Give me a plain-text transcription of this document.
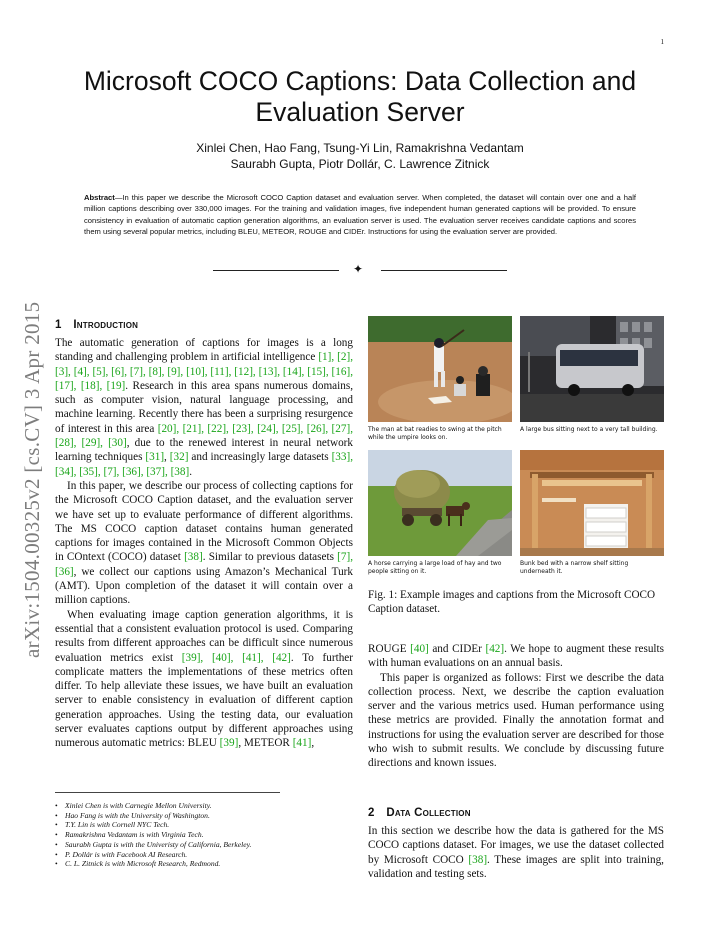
1
arXiv:1504.00325v2 [cs.CV] 3 Apr 2015
Microsoft COCO Captions: Data Collection and Evaluation Server
Xinlei Chen, Hao Fang, Tsung-Yi Lin, Ramakrishna Vedantam
Saurabh Gupta, Piotr Dollár, C. Lawrence Zitnick
Abstract—In this paper we describe the Microsoft COCO Caption dataset and evaluation server. When completed, the dataset will contain over one and a half million captions describing over 330,000 images. For the training and validation images, five independent human generated captions will be provided. To ensure consistency in evaluation of automatic caption generation algorithms, an evaluation server is used. The evaluation server receives candidate captions and scores them using several popular metrics, including BLEU, METEOR, ROUGE and CIDEr. Instructions for using the evaluation server are provided.
✦
1 Introduction

The automatic generation of captions for images is a long standing and challenging problem in artificial intelligence [1], [2], [3], [4], [5], [6], [7], [8], [9], [10], [11], [12], [13], [14], [15], [16], [17], [18], [19]. Research in this area spans numerous domains, such as computer vision, natural language processing, and machine learning. Recently there has been a surprising resurgence of interest in this area [20], [21], [22], [23], [24], [25], [26], [27], [28], [29], [30], due to the renewed interest in neural network learning techniques [31], [32] and increasingly large datasets [33], [34], [35], [7], [36], [37], [38].

In this paper, we describe our process of collecting captions for the Microsoft COCO Caption dataset, and the evaluation server we have set up to evaluate performance of different algorithms. The MS COCO caption dataset contains human generated captions for images contained in the Microsoft Common Objects in COntext (COCO) dataset [38]. Similar to previous datasets [7], [36], we collect our captions using Amazon’s Mechanical Turk (AMT). Upon completion of the dataset it will contain over a million captions.

When evaluating image caption generation algorithms, it is essential that a consistent evaluation protocol is used. Comparing results from different approaches can be difficult since numerous evaluation metrics exist [39], [40], [41], [42]. To further complicate matters the implementations of these metrics often differ. To help alleviate these issues, we have built an evaluation server to enable consistency in evaluation of different caption generation approaches. Using the testing data, our evaluation server evaluates captions output by different approaches using numerous automatic metrics: BLEU [39], METEOR [41],

• Xinlei Chen is with Carnegie Mellon University.
• Hao Fang is with the University of Washington.
• T.Y. Lin is with Cornell NYC Tech.
• Ramakrishna Vedantam is with Virginia Tech.
• Saurabh Gupta is with the Univeristy of California, Berkeley.
• P. Dollár is with Facebook AI Research.
• C. L. Zitnick is with Microsoft Research, Redmond.
The man at bat readies to swing at the pitch while the umpire looks on.
A large bus sitting next to a very tall building.
A horse carrying a large load of hay and two people sitting on it.
Bunk bed with a narrow shelf sitting underneath it.
Fig. 1: Example images and captions from the Microsoft COCO Caption dataset.

ROUGE [40] and CIDEr [42]. We hope to augment these results with human evaluations on an annual basis.

This paper is organized as follows: First we describe the data collection process. Next, we describe the caption evaluation server and the various metrics used. Human performance using these metrics are provided. Finally the annotation format and instructions for using the evaluation server are described for those who wish to submit results. We conclude by discussing future directions and known issues.

2 Data Collection

In this section we describe how the data is gathered for the MS COCO captions dataset. For images, we use the dataset collected by Microsoft COCO [38]. These images are split into training, validation and testing sets.
